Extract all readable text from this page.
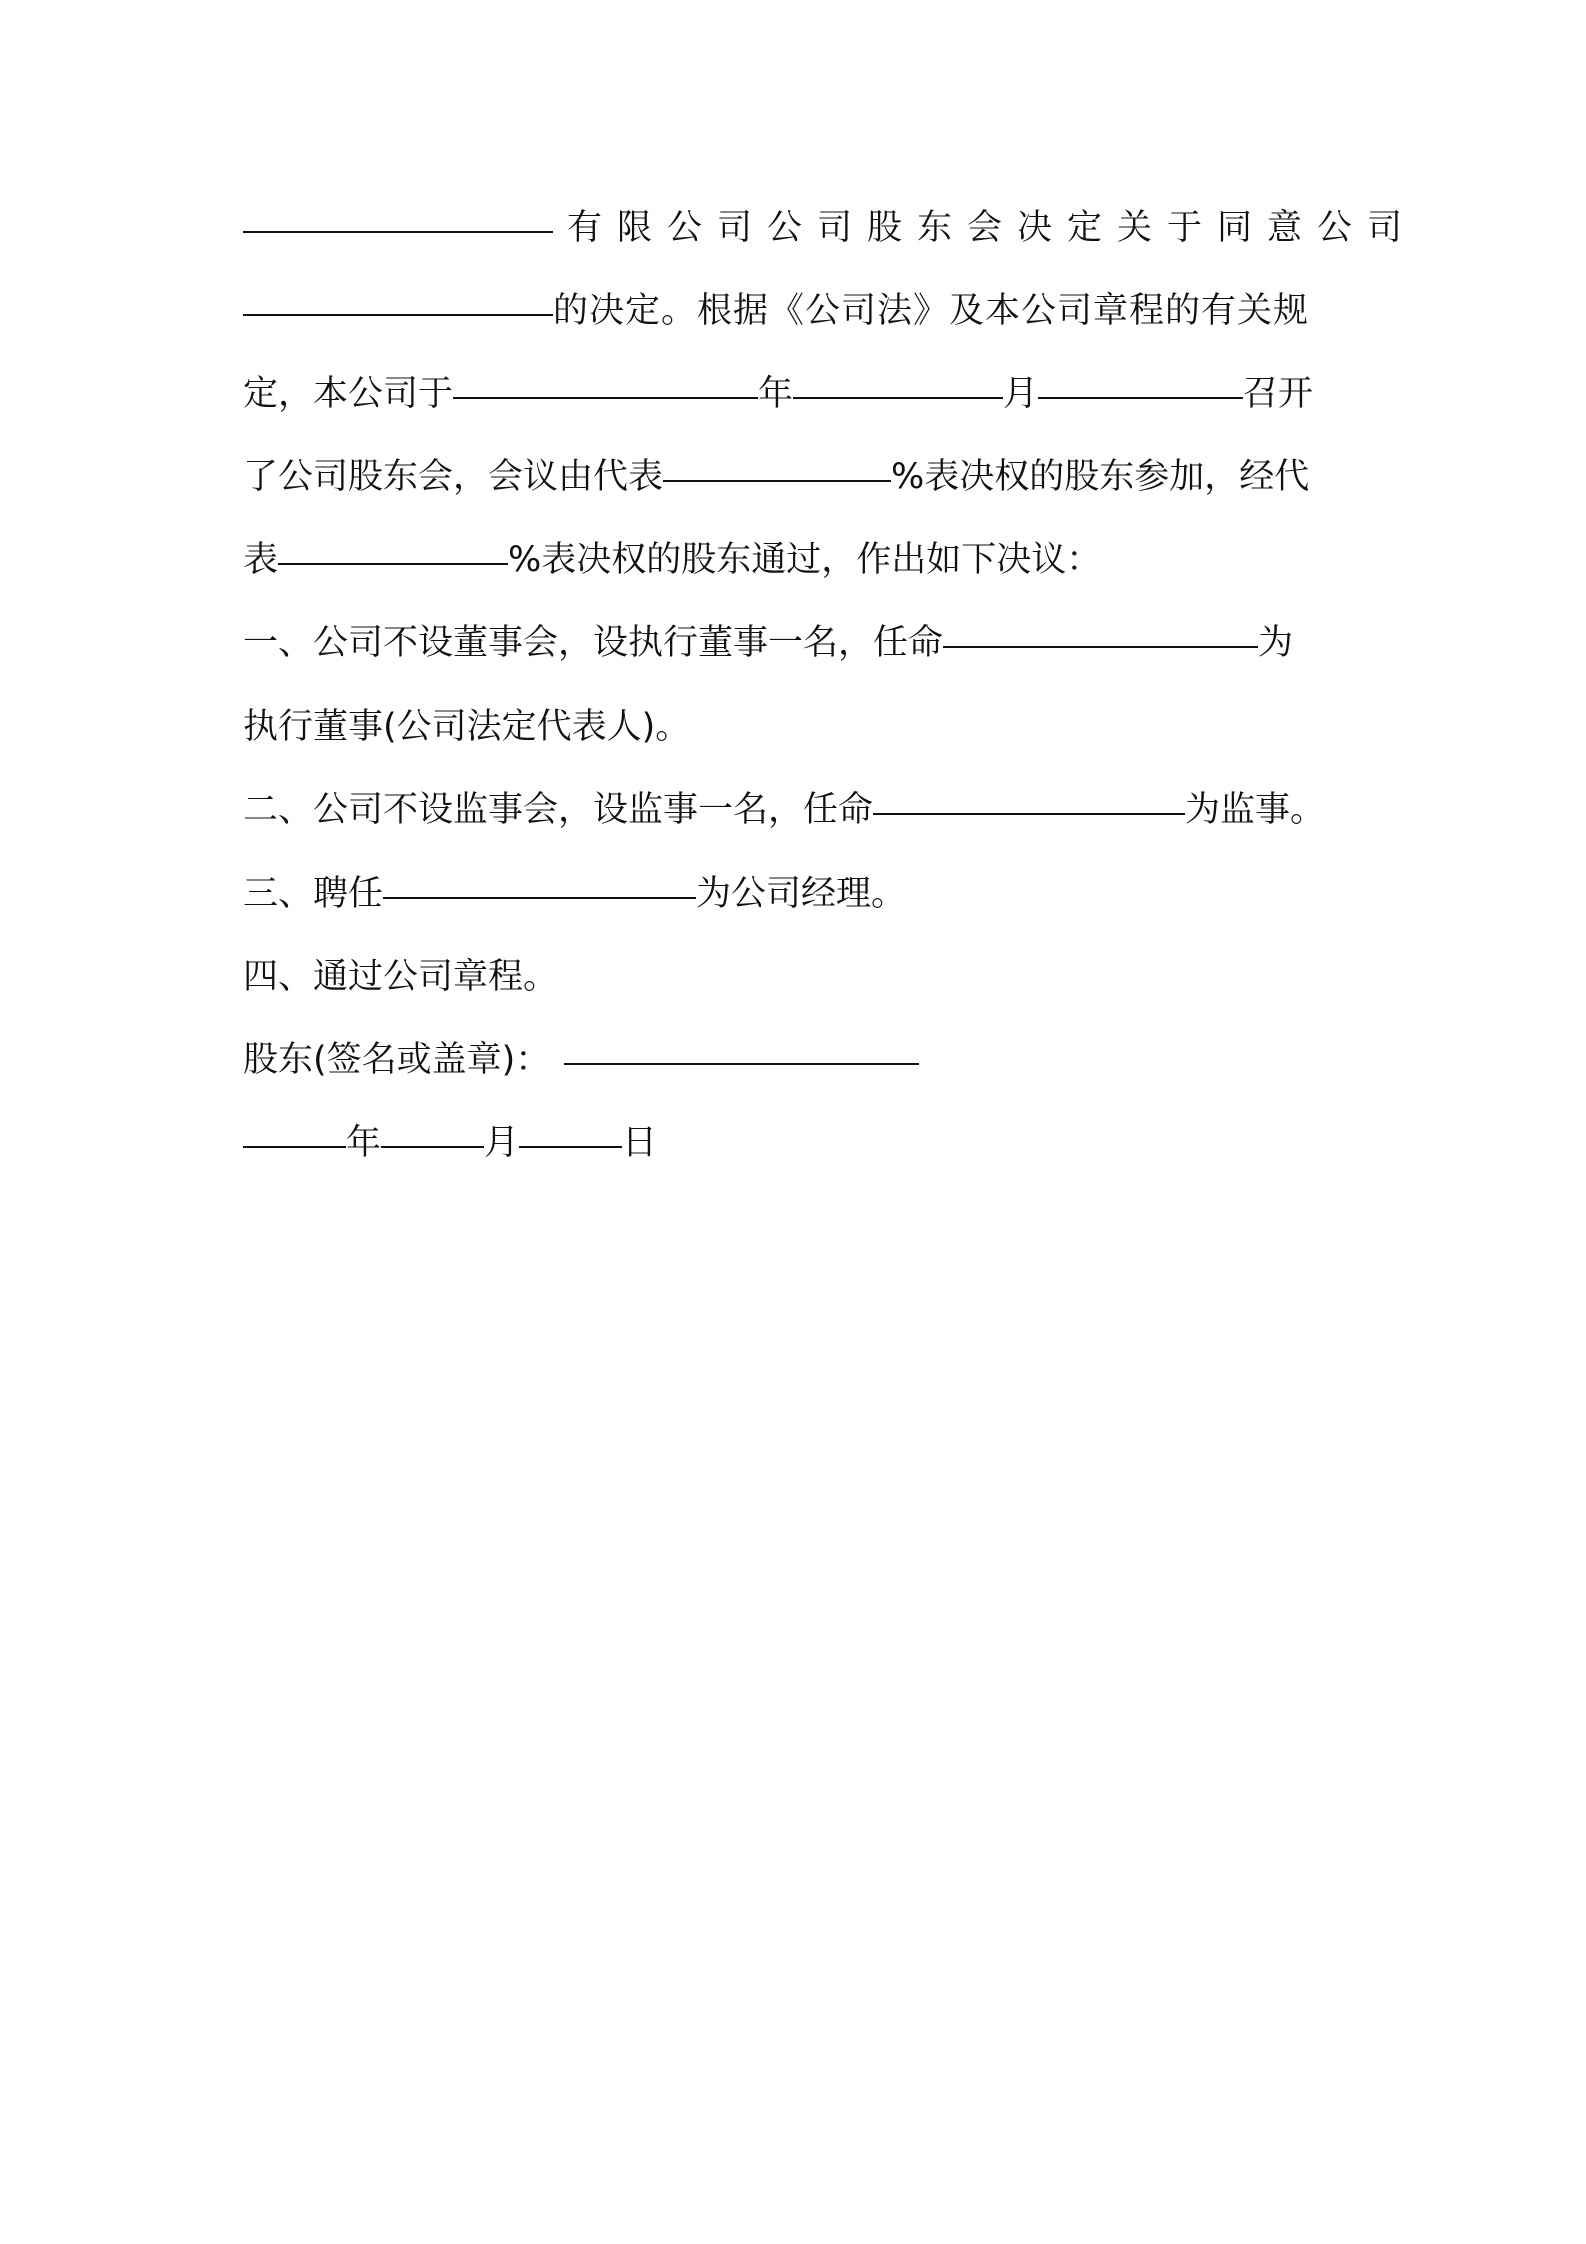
有限公司公司股东会决定关于同意公司
的决定。根据《公司法》及本公司章程的有关规
定，本公司于	年	月	召开
了公司股东会，会议由代表	%表决权的股东参加，经代
表	%表决权的股东通过，作出如下决议：
一、公司不设董事会，设执行董事一名，任命	为
执行董事(公司法定代表人)。
二、公司不设监事会，设监事一名，任命	为监事。
三、聘任	为公司经理。
四、通过公司章程。
股东(签名或盖章)：
年	月	日
